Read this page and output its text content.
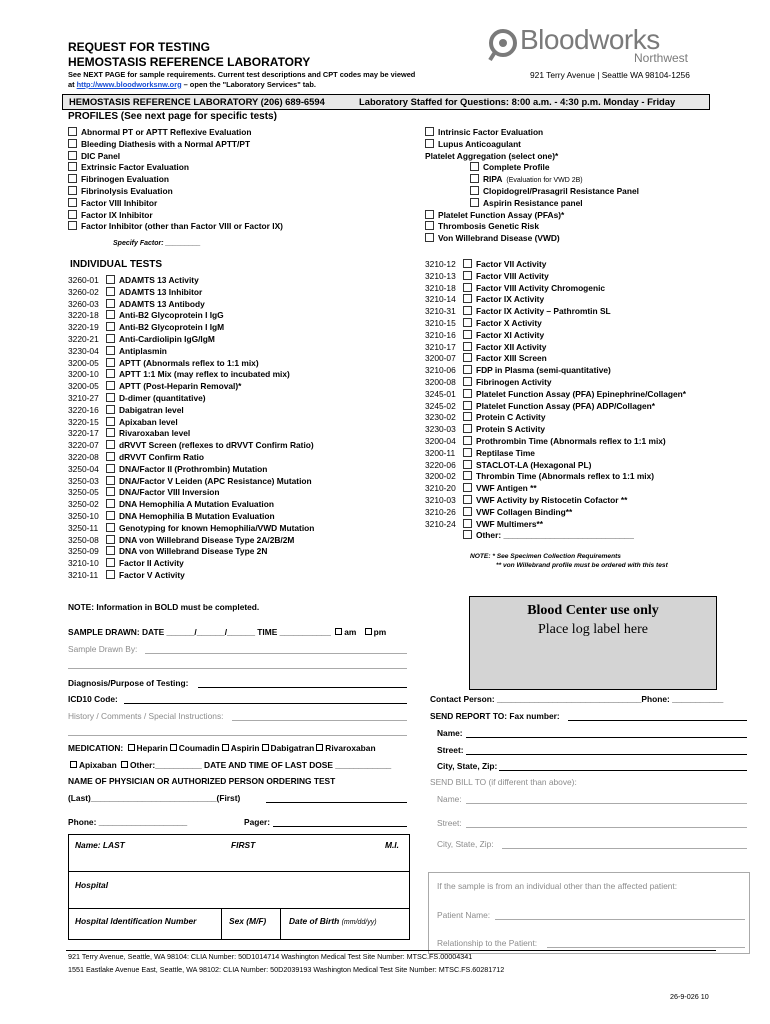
REQUEST FOR TESTING
HEMOSTASIS REFERENCE LABORATORY
See NEXT PAGE for sample requirements. Current test descriptions and CPT codes may be viewed
at http://www.bloodworksnw.org – open the "Laboratory Services" tab.
Bloodworks
Northwest
921 Terry Avenue | Seattle WA 98104-1256
HEMOSTASIS REFERENCE LABORATORY (206) 689-6594	Laboratory Staffed for Questions: 8:00 a.m. - 4:30 p.m. Monday - Friday
PROFILES (See next page for specific tests)
Abnormal PT or APTT Reflexive Evaluation
Bleeding Diathesis with a Normal APTT/PT
DIC Panel
Extrinsic Factor Evaluation
Fibrinogen Evaluation
Fibrinolysis Evaluation
Factor VIII Inhibitor
Factor IX Inhibitor
Factor Inhibitor (other than Factor VIII or Factor IX)
Specify Factor: _________
Intrinsic Factor Evaluation
Lupus Anticoagulant
Platelet Aggregation (select one)*
Complete Profile
RIPA (Evaluation for VWD 2B)
Clopidogrel/Prasagril Resistance Panel
Aspirin Resistance panel
Platelet Function Assay (PFAs)*
Thrombosis Genetic Risk
Von Willebrand Disease (VWD)
INDIVIDUAL TESTS
3260-01 ADAMTS 13 Activity
3260-02 ADAMTS 13 Inhibitor
3260-03 ADAMTS 13 Antibody
3220-18 Anti-B2 Glycoprotein I IgG
3220-19 Anti-B2 Glycoprotein I IgM
3220-21 Anti-Cardiolipin IgG/IgM
3230-04 Antiplasmin
3200-05 APTT (Abnormals reflex to 1:1 mix)
3200-10 APTT 1:1 Mix (may reflex to incubated mix)
3200-05 APTT (Post-Heparin Removal)*
3210-27 D-dimer (quantitative)
3220-16 Dabigatran level
3220-15 Apixaban level
3220-17 Rivaroxaban level
3220-07 dRVVT Screen (reflexes to dRVVT Confirm Ratio)
3220-08 dRVVT Confirm Ratio
3250-04 DNA/Factor II (Prothrombin) Mutation
3250-03 DNA/Factor V Leiden (APC Resistance) Mutation
3250-05 DNA/Factor VIII Inversion
3250-02 DNA Hemophilia A Mutation Evaluation
3250-10 DNA Hemophilia B Mutation Evaluation
3250-11 Genotyping for known Hemophilia/VWD Mutation
3250-08 DNA von Willebrand Disease Type 2A/2B/2M
3250-09 DNA von Willebrand Disease Type 2N
3210-10 Factor II Activity
3210-11 Factor V Activity
3210-12 Factor VII Activity
3210-13 Factor VIII Activity
3210-18 Factor VIII Activity Chromogenic
3210-14 Factor IX Activity
3210-31 Factor IX Activity – Pathromtin SL
3210-15 Factor X Activity
3210-16 Factor XI Activity
3210-17 Factor XII Activity
3200-07 Factor XIII Screen
3210-06 FDP in Plasma (semi-quantitative)
3200-08 Fibrinogen Activity
3245-01 Platelet Function Assay (PFA) Epinephrine/Collagen*
3245-02 Platelet Function Assay (PFA) ADP/Collagen*
3230-02 Protein C Activity
3230-03 Protein S Activity
3200-04 Prothrombin Time (Abnormals reflex to 1:1 mix)
3200-11 Reptilase Time
3220-06 STACLOT-LA (Hexagonal PL)
3200-02 Thrombin Time (Abnormals reflex to 1:1 mix)
3210-20 VWF Antigen **
3210-03 VWF Activity by Ristocetin Cofactor **
3210-26 VWF Collagen Binding**
3210-24 VWF Multimers**
Other: ____________________________
NOTE: * See Specimen Collection Requirements
** von Willebrand profile must be ordered with this test
Blood Center use only
Place log label here
NOTE: Information in BOLD must be completed.
SAMPLE DRAWN: DATE ______/______/______ TIME ___________ am pm
Sample Drawn By:
Diagnosis/Purpose of Testing:
ICD10 Code:
History / Comments / Special Instructions:
MEDICATION: Heparin Coumadin Aspirin Dabigatran Rivaroxaban
Apixaban Other:__________ DATE AND TIME OF LAST DOSE ____________
NAME OF PHYSICIAN OR AUTHORIZED PERSON ORDERING TEST
(Last)___________________________(First)
Phone: ___________________	Pager:
Name: LAST	FIRST	M.I.
Hospital
Hospital Identification Number	Sex (M/F)	Date of Birth (mm/dd/yy)
Contact Person: _______________________________Phone: ___________
SEND REPORT TO: Fax number:
Name:
Street:
City, State, Zip:
SEND BILL TO (if different than above):
Name:
Street:
City, State, Zip:
If the sample is from an individual other than the affected patient:
Patient Name:
Relationship to the Patient:
921 Terry Avenue, Seattle, WA 98104: CLIA Number: 50D1014714 Washington Medical Test Site Number: MTSC.FS.00004341
1551 Eastlake Avenue East, Seattle, WA 98102: CLIA Number: 50D2039193 Washington Medical Test Site Number: MTSC.FS.60281712
26-9-026 10
